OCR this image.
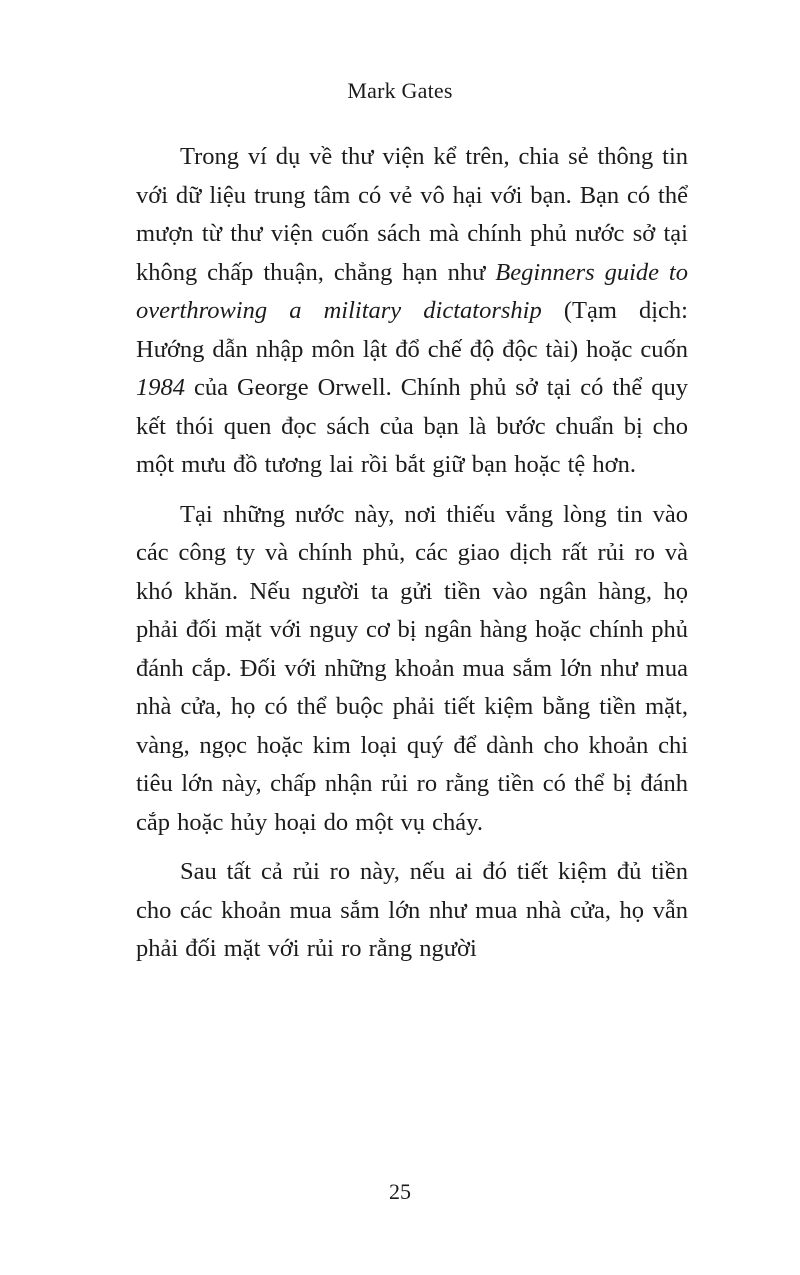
Mark Gates

Trong ví dụ về thư viện kể trên, chia sẻ thông tin với dữ liệu trung tâm có vẻ vô hại với bạn. Bạn có thể mượn từ thư viện cuốn sách mà chính phủ nước sở tại không chấp thuận, chẳng hạn như Beginners guide to overthrowing a military dictatorship (Tạm dịch: Hướng dẫn nhập môn lật đổ chế độ độc tài) hoặc cuốn 1984 của George Orwell. Chính phủ sở tại có thể quy kết thói quen đọc sách của bạn là bước chuẩn bị cho một mưu đồ tương lai rồi bắt giữ bạn hoặc tệ hơn.

Tại những nước này, nơi thiếu vắng lòng tin vào các công ty và chính phủ, các giao dịch rất rủi ro và khó khăn. Nếu người ta gửi tiền vào ngân hàng, họ phải đối mặt với nguy cơ bị ngân hàng hoặc chính phủ đánh cắp. Đối với những khoản mua sắm lớn như mua nhà cửa, họ có thể buộc phải tiết kiệm bằng tiền mặt, vàng, ngọc hoặc kim loại quý để dành cho khoản chi tiêu lớn này, chấp nhận rủi ro rằng tiền có thể bị đánh cắp hoặc hủy hoại do một vụ cháy.

Sau tất cả rủi ro này, nếu ai đó tiết kiệm đủ tiền cho các khoản mua sắm lớn như mua nhà cửa, họ vẫn phải đối mặt với rủi ro rằng người

25
